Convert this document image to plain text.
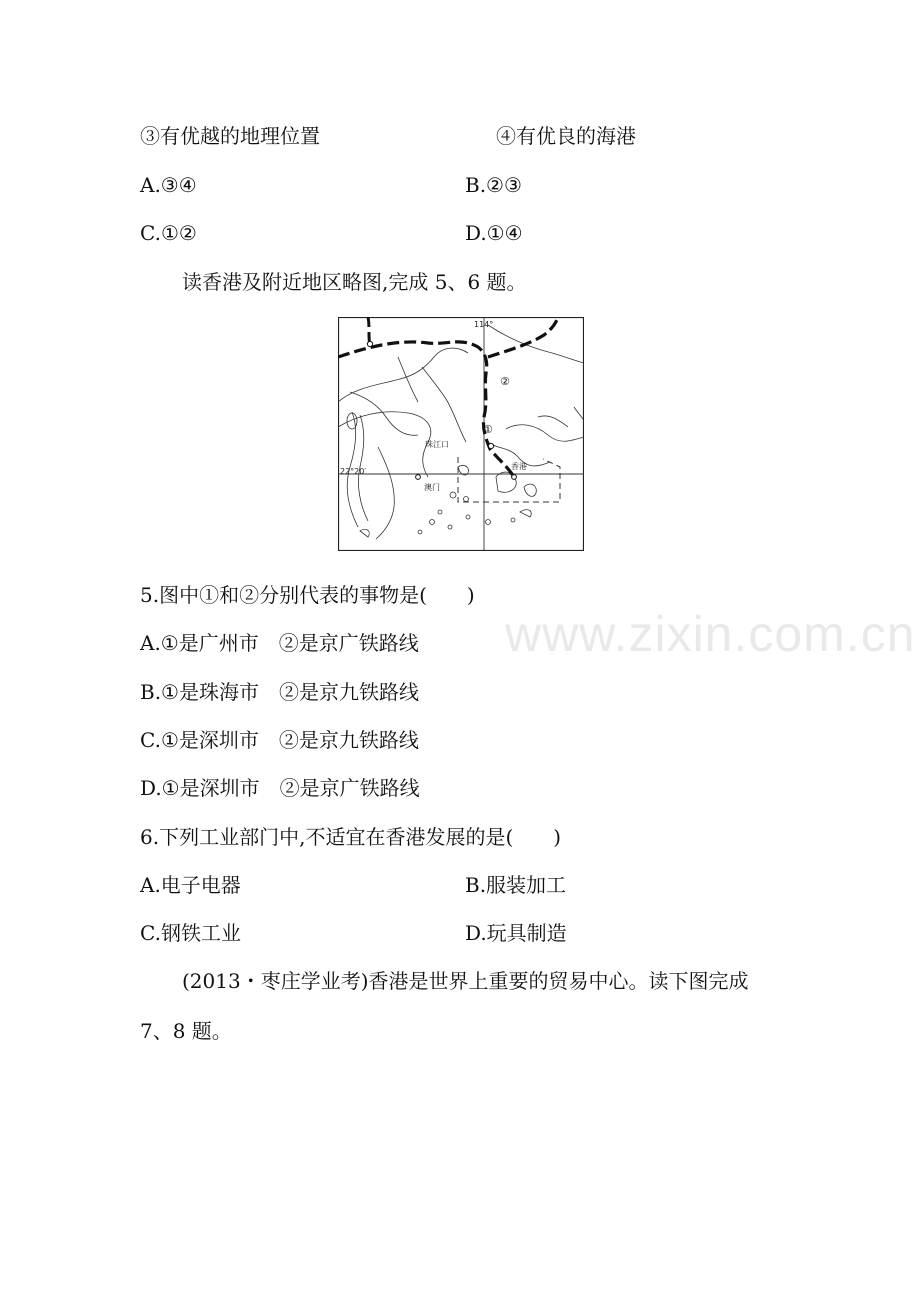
③有优越的地理位置	④有优良的海港
A.③④	B.②③
C.①②	D.①④
读香港及附近地区略图,完成 5、6 题。
114°
22°20′
①
②
珠江口
澳门
香港
5.图中①和②分别代表的事物是(　　)
A.①是广州市　②是京广铁路线
B.①是珠海市　②是京九铁路线
C.①是深圳市　②是京九铁路线
D.①是深圳市　②是京广铁路线
6.下列工业部门中,不适宜在香港发展的是(　　)
A.电子电器	B.服装加工
C.钢铁工业	D.玩具制造
(2013・枣庄学业考)香港是世界上重要的贸易中心。读下图完成
7、8 题。
www.zixin.com.cn
